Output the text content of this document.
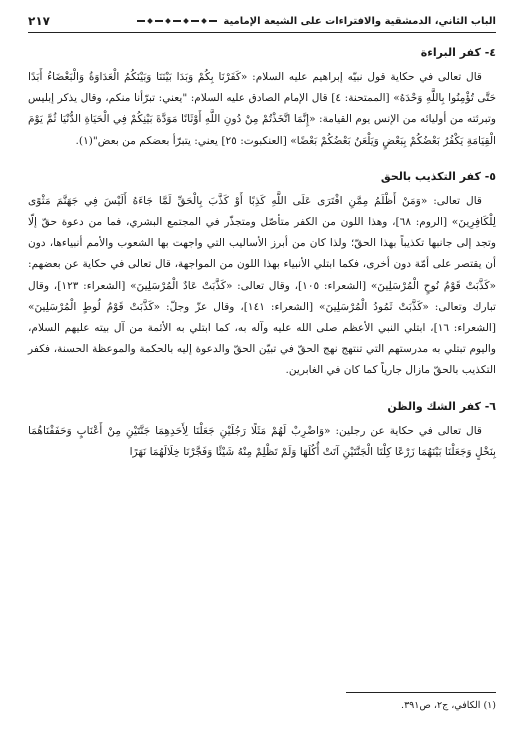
الباب الثاني، الدمشقية والافتراءات على الشيعة الإمامية
٢١٧
٤- كفر البراءة

قال تعالى في حكاية قول نبيّه إبراهيم عليه السلام: «كَفَرْنَا بِكُمْ وَبَدَا بَيْنَنَا وَبَيْنَكُمُ الْعَدَاوَةُ وَالْبَغْضَاءُ أَبَدًا حَتَّى تُؤْمِنُوا بِاللَّهِ وَحْدَهُ» [الممتحنة: ٤] قال الإمام الصادق عليه السلام: "يعني: تبرّأنا منكم، وقال يذكر إبليس وتبرئته من أوليائه من الإنس يوم القيامة: «إِنَّمَا اتَّخَذْتُمْ مِنْ دُونِ اللَّهِ أَوْثَانًا مَوَدَّةَ بَيْنِكُمْ فِي الْحَيَاةِ الدُّنْيَا ثُمَّ يَوْمَ الْقِيَامَةِ يَكْفُرُ بَعْضُكُمْ بِبَعْضٍ وَيَلْعَنُ بَعْضُكُمْ بَعْضًا» [العنكبوت: ٢٥] يعني: يتبرّأ بعضكم من بعض"(١).

٥- كفر التكذيب بالحق

قال تعالى: «وَمَنْ أَظْلَمُ مِمَّنِ افْتَرَى عَلَى اللَّهِ كَذِبًا أَوْ كَذَّبَ بِالْحَقِّ لَمَّا جَاءَهُ أَلَيْسَ فِي جَهَنَّمَ مَثْوًى لِلْكَافِرِينَ» [الروم: ٦٨]، وهذا اللون من الكفر متأصّل ومتجذّر في المجتمع البشري، فما من دعوة حقّ إلّا وتجد إلى جانبها تكذيباً بهذا الحقّ؛ ولذا كان من أبرز الأساليب التي واجهت بها الشعوب والأمم أنبياءها، دون أن يقتصر على أمّة دون أخرى، فكما ابتلي الأنبياء بهذا اللون من المواجهة، قال تعالى في حكاية عن بعضهم: «كَذَّبَتْ قَوْمُ نُوحٍ الْمُرْسَلِينَ» [الشعراء: ١٠٥]، وقال تعالى: «كَذَّبَتْ عَادٌ الْمُرْسَلِينَ» [الشعراء: ١٢٣]، وقال تبارك وتعالى: «كَذَّبَتْ ثَمُودُ الْمُرْسَلِينَ» [الشعراء: ١٤١]، وقال عزّ وجلّ: «كَذَّبَتْ قَوْمُ لُوطٍ الْمُرْسَلِينَ» [الشعراء: ١٦]، ابتلي النبي الأعظم صلى الله عليه وآله به، كما ابتلي به الأئمة من آل بيته عليهم السلام، واليوم تبتلي به مدرستهم التي تنتهج نهج الحقّ في تبيّن الحقّ والدعوة إليه بالحكمة والموعظة الحسنة، فكفر التكذيب بالحقّ مازال جارياً كما كان في الغابرين.

٦- كفر الشك والظن

قال تعالى في حكاية عن رجلين: «وَاضْرِبْ لَهُمْ مَثَلًا رَجُلَيْنِ جَعَلْنَا لِأَحَدِهِمَا جَنَّتَيْنِ مِنْ أَعْنَابٍ وَحَفَفْنَاهُمَا بِنَخْلٍ وَجَعَلْنَا بَيْنَهُمَا زَرْعًا كِلْتَا الْجَنَّتَيْنِ آتَتْ أُكُلَهَا وَلَمْ تَظْلِمْ مِنْهُ شَيْئًا وَفَجَّرْنَا خِلَالَهُمَا نَهَرًا

(١) الكافي، ج٢، ص٣٩١.
